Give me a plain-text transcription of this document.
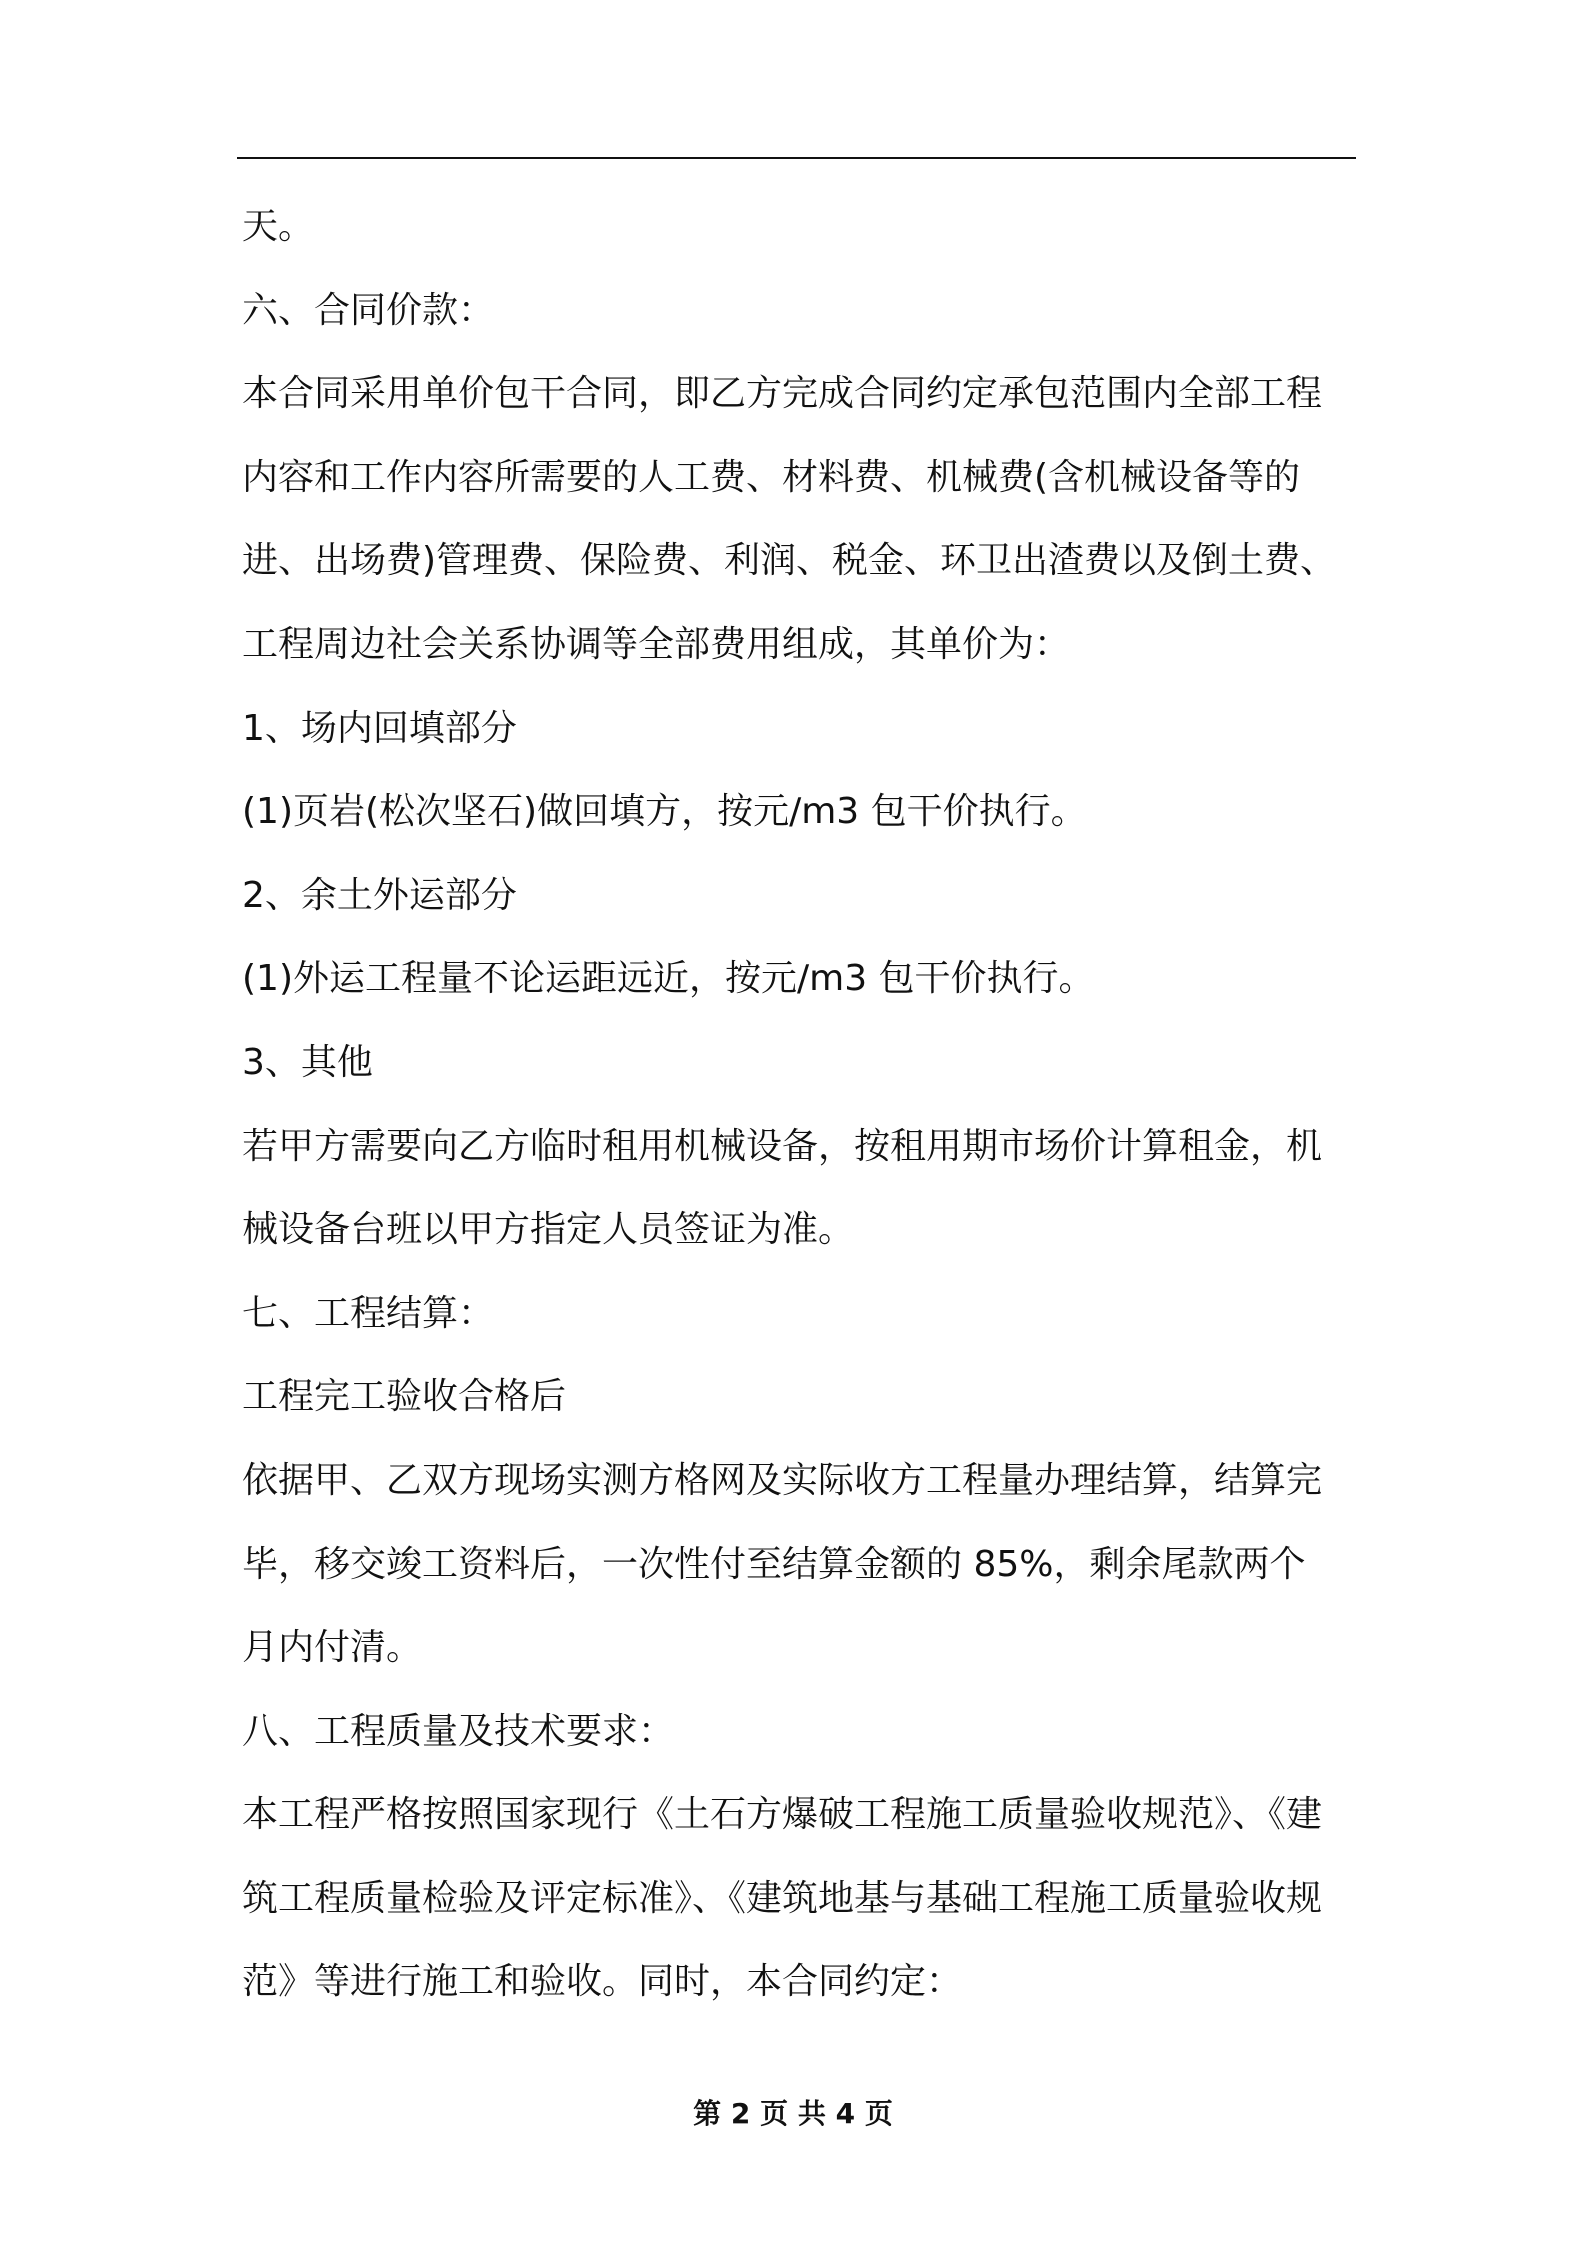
天。
六、合同价款：
本合同采用单价包干合同，即乙方完成合同约定承包范围内全部工程
内容和工作内容所需要的人工费、材料费、机械费(含机械设备等的
进、出场费)管理费、保险费、利润、税金、环卫出渣费以及倒土费、
工程周边社会关系协调等全部费用组成，其单价为：
1、场内回填部分
(1)页岩(松次坚石)做回填方，按元/m3 包干价执行。
2、余土外运部分
(1)外运工程量不论运距远近，按元/m3 包干价执行。
3、其他
若甲方需要向乙方临时租用机械设备，按租用期市场价计算租金，机
械设备台班以甲方指定人员签证为准。
七、工程结算：
工程完工验收合格后
依据甲、乙双方现场实测方格网及实际收方工程量办理结算，结算完
毕，移交竣工资料后，一次性付至结算金额的 85%，剩余尾款两个
月内付清。
八、工程质量及技术要求：
本工程严格按照国家现行《土石方爆破工程施工质量验收规范》、《建
筑工程质量检验及评定标准》、《建筑地基与基础工程施工质量验收规
范》等进行施工和验收。同时，本合同约定：
第 2 页 共 4 页
